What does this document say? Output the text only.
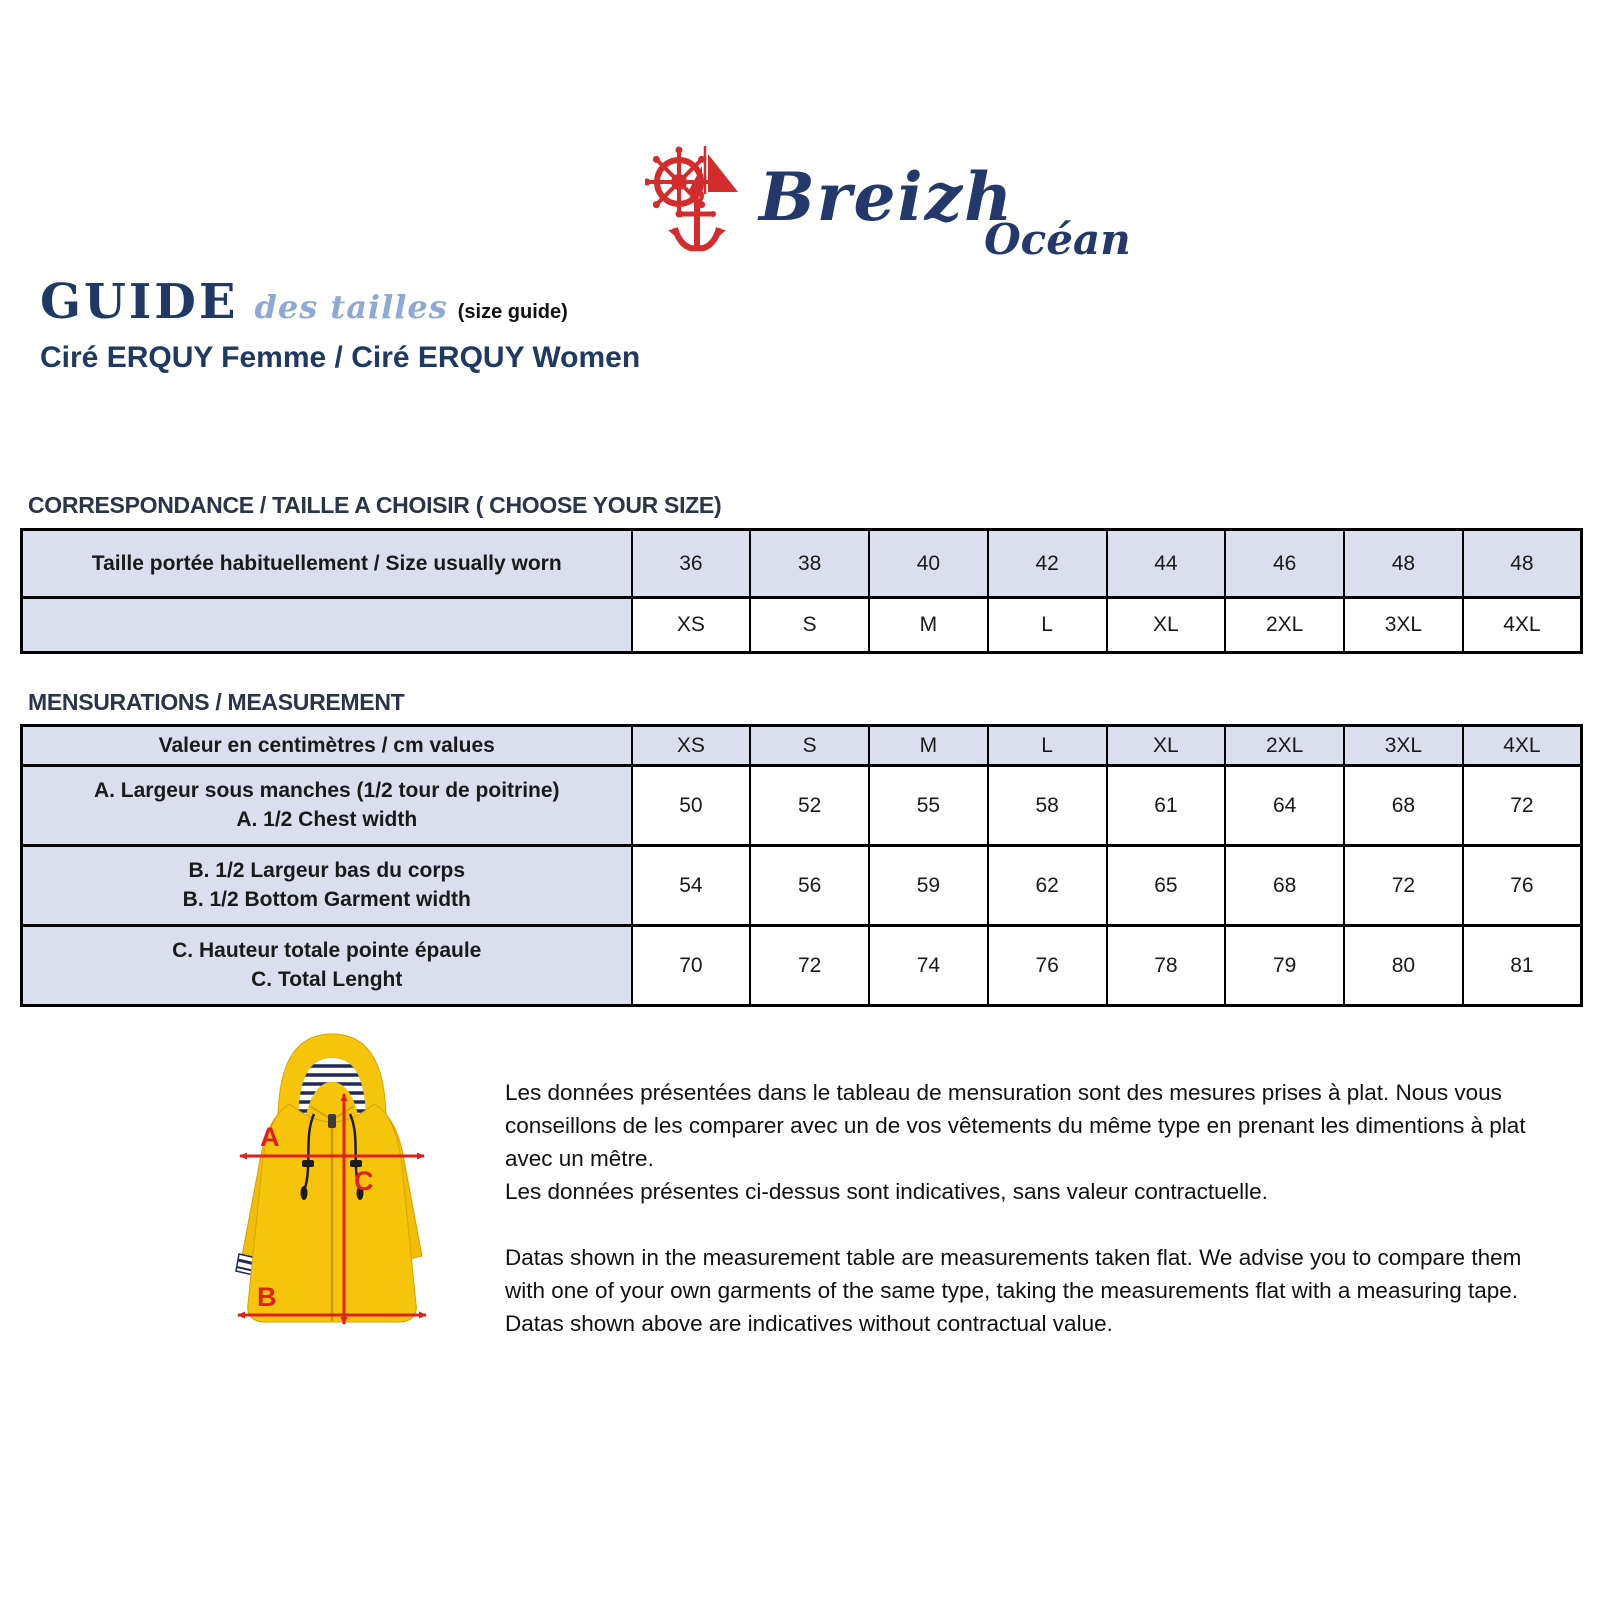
BreizhOcéan
GUIDE des tailles (size guide)
Ciré ERQUY Femme / Ciré ERQUY Women
CORRESPONDANCE / TAILLE A CHOISIR ( CHOOSE YOUR SIZE)
Taille portée habituellement / Size usually worn	36	38	40	42	44	46	48	48
	XS	S	M	L	XL	2XL	3XL	4XL
MENSURATIONS / MEASUREMENT
Valeur en centimètres / cm values	XS	S	M	L	XL	2XL	3XL	4XL

A. Largeur sous manches (1/2 tour de poitrine)
A. 1/2 Chest width	50	52	55	58	61	64	68	72

B. 1/2 Largeur bas du corps
B. 1/2 Bottom Garment width	54	56	59	62	65	68	72	76

C. Hauteur totale pointe épaule
C. Total Lenght	70	72	74	76	78	79	80	81
A
B
C

Les données présentées dans le tableau de mensuration sont des mesures prises à plat. Nous vous conseillons de les comparer avec un de vos vêtements du même type en prenant les dimentions à plat avec un mêtre.

Les données présentes ci-dessus sont indicatives, sans valeur contractuelle.

Datas shown in the measurement table are measurements taken flat. We advise you to compare them with one of your own garments of the same type, taking the measurements flat with a measuring tape.

Datas shown above are indicatives without contractual value.
